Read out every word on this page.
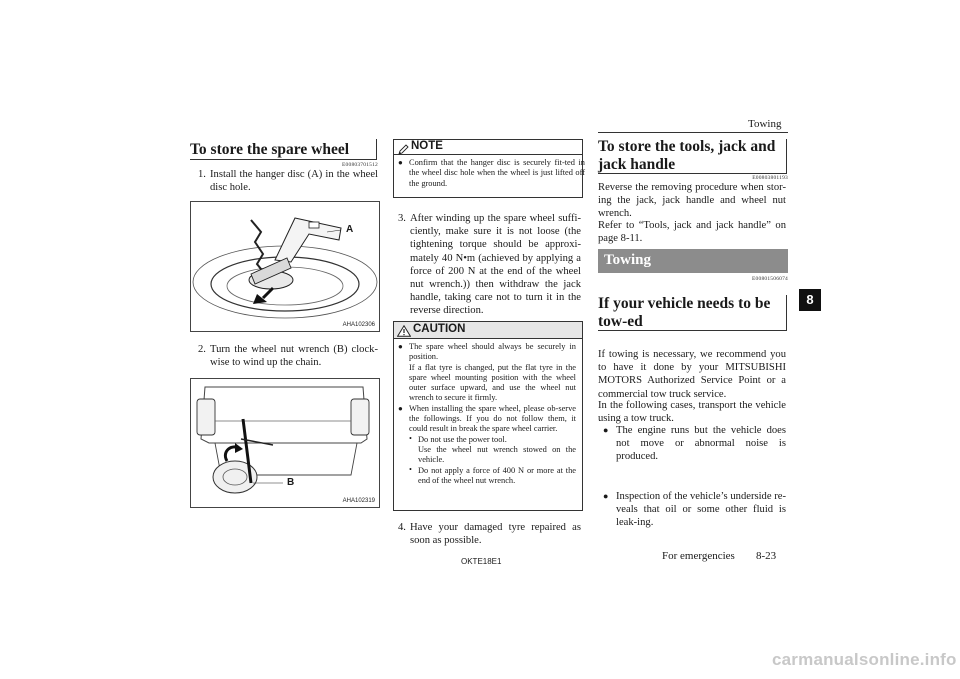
Towing
8
To store the spare wheel
E00803701512
1. Install the hanger disc (A) in the wheel disc hole.
A
AHA102306
2. Turn the wheel nut wrench (B) clock-wise to wind up the chain.
B
AHA102319
NOTE
● Confirm that the hanger disc is securely fit-ted in the wheel disc hole when the wheel is just lifted off the ground.
3. After winding up the spare wheel suffi-ciently, make sure it is not loose (the tightening torque should be approxi-mately 40 N•m (achieved by applying a force of 200 N at the end of the wheel nut wrench.)) then withdraw the jack handle, taking care not to turn it in the reverse direction.
CAUTION
● The spare wheel should always be securely in position.
If a flat tyre is changed, put the flat tyre in the spare wheel mounting position with the wheel outer surface upward, and use the wheel nut wrench to secure it firmly.
● When installing the spare wheel, please ob-serve the followings. If you do not follow them, it could result in break the spare wheel carrier.
• Do not use the power tool.
Use the wheel nut wrench stowed on the vehicle.
• Do not apply a force of 400 N or more at the end of the wheel nut wrench.
4. Have your damaged tyre repaired as soon as possible.
To store the tools, jack and jack handle
E00803801193
Reverse the removing procedure when stor-ing the jack, jack handle and wheel nut wrench.
Refer to “Tools, jack and jack handle” on page 8-11.
Towing
E00801506074
If your vehicle needs to be tow-ed
If towing is necessary, we recommend you to have it done by your MITSUBISHI MOTORS Authorized Service Point or a commercial tow truck service.
In the following cases, transport the vehicle using a tow truck.
● The engine runs but the vehicle does not move or abnormal noise is produced.
● Inspection of the vehicle’s underside re-veals that oil or some other fluid is leak-ing.
OKTE18E1	For emergencies 8-23
carmanualsonline.info
